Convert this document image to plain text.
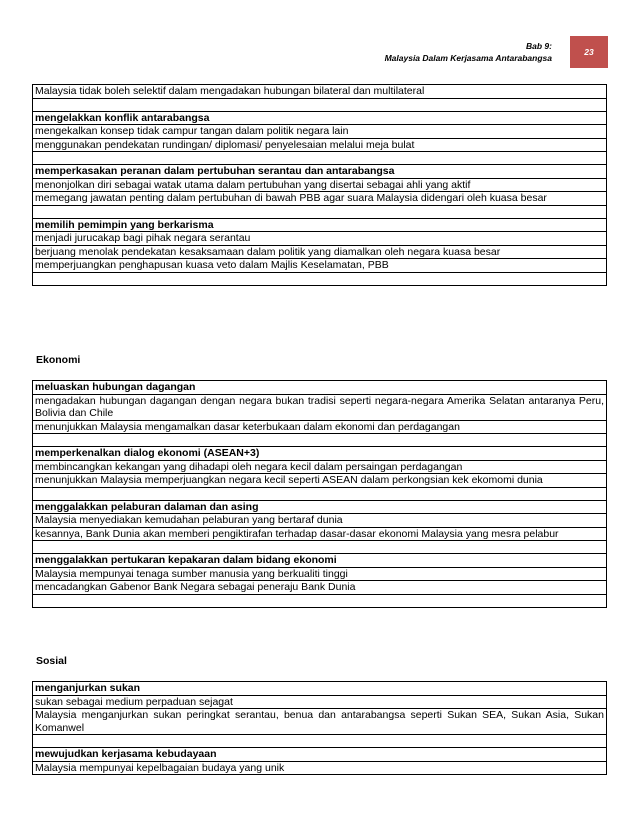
Bab 9:
Malaysia Dalam Kerjasama Antarabangsa
23
Malaysia tidak boleh selektif dalam mengadakan hubungan bilateral dan multilateral

mengelakkan konflik antarabangsa
mengekalkan konsep tidak campur tangan dalam politik negara lain
menggunakan pendekatan rundingan/ diplomasi/ penyelesaian melalui meja bulat

memperkasakan peranan dalam pertubuhan serantau dan antarabangsa
menonjolkan diri sebagai watak utama dalam pertubuhan yang disertai sebagai ahli yang aktif
memegang jawatan penting dalam pertubuhan di bawah PBB agar suara Malaysia didengari oleh kuasa besar

memilih pemimpin yang berkarisma
menjadi jurucakap bagi pihak negara serantau
berjuang menolak pendekatan kesaksamaan dalam politik yang diamalkan oleh negara kuasa besar
memperjuangkan penghapusan kuasa veto dalam Majlis Keselamatan, PBB

Ekonomi
meluaskan hubungan dagangan
mengadakan hubungan dagangan dengan negara bukan tradisi seperti negara-negara Amerika Selatan antaranya Peru, Bolivia dan Chile
menunjukkan Malaysia mengamalkan dasar keterbukaan dalam ekonomi dan perdagangan

memperkenalkan dialog ekonomi (ASEAN+3)
membincangkan kekangan yang dihadapi oleh negara kecil dalam persaingan perdagangan
menunjukkan Malaysia memperjuangkan negara kecil seperti ASEAN dalam perkongsian kek ekomomi dunia

menggalakkan pelaburan dalaman dan asing
Malaysia menyediakan kemudahan pelaburan yang bertaraf dunia
kesannya, Bank Dunia akan memberi pengiktirafan terhadap dasar-dasar ekonomi Malaysia yang mesra pelabur

menggalakkan pertukaran kepakaran dalam bidang ekonomi
Malaysia mempunyai tenaga sumber manusia yang berkualiti tinggi
mencadangkan Gabenor Bank Negara sebagai peneraju Bank Dunia

Sosial
menganjurkan sukan
sukan sebagai medium perpaduan sejagat
Malaysia menganjurkan sukan peringkat serantau, benua dan antarabangsa seperti Sukan SEA, Sukan Asia, Sukan Komanwel

mewujudkan kerjasama kebudayaan
Malaysia mempunyai kepelbagaian budaya yang unik
